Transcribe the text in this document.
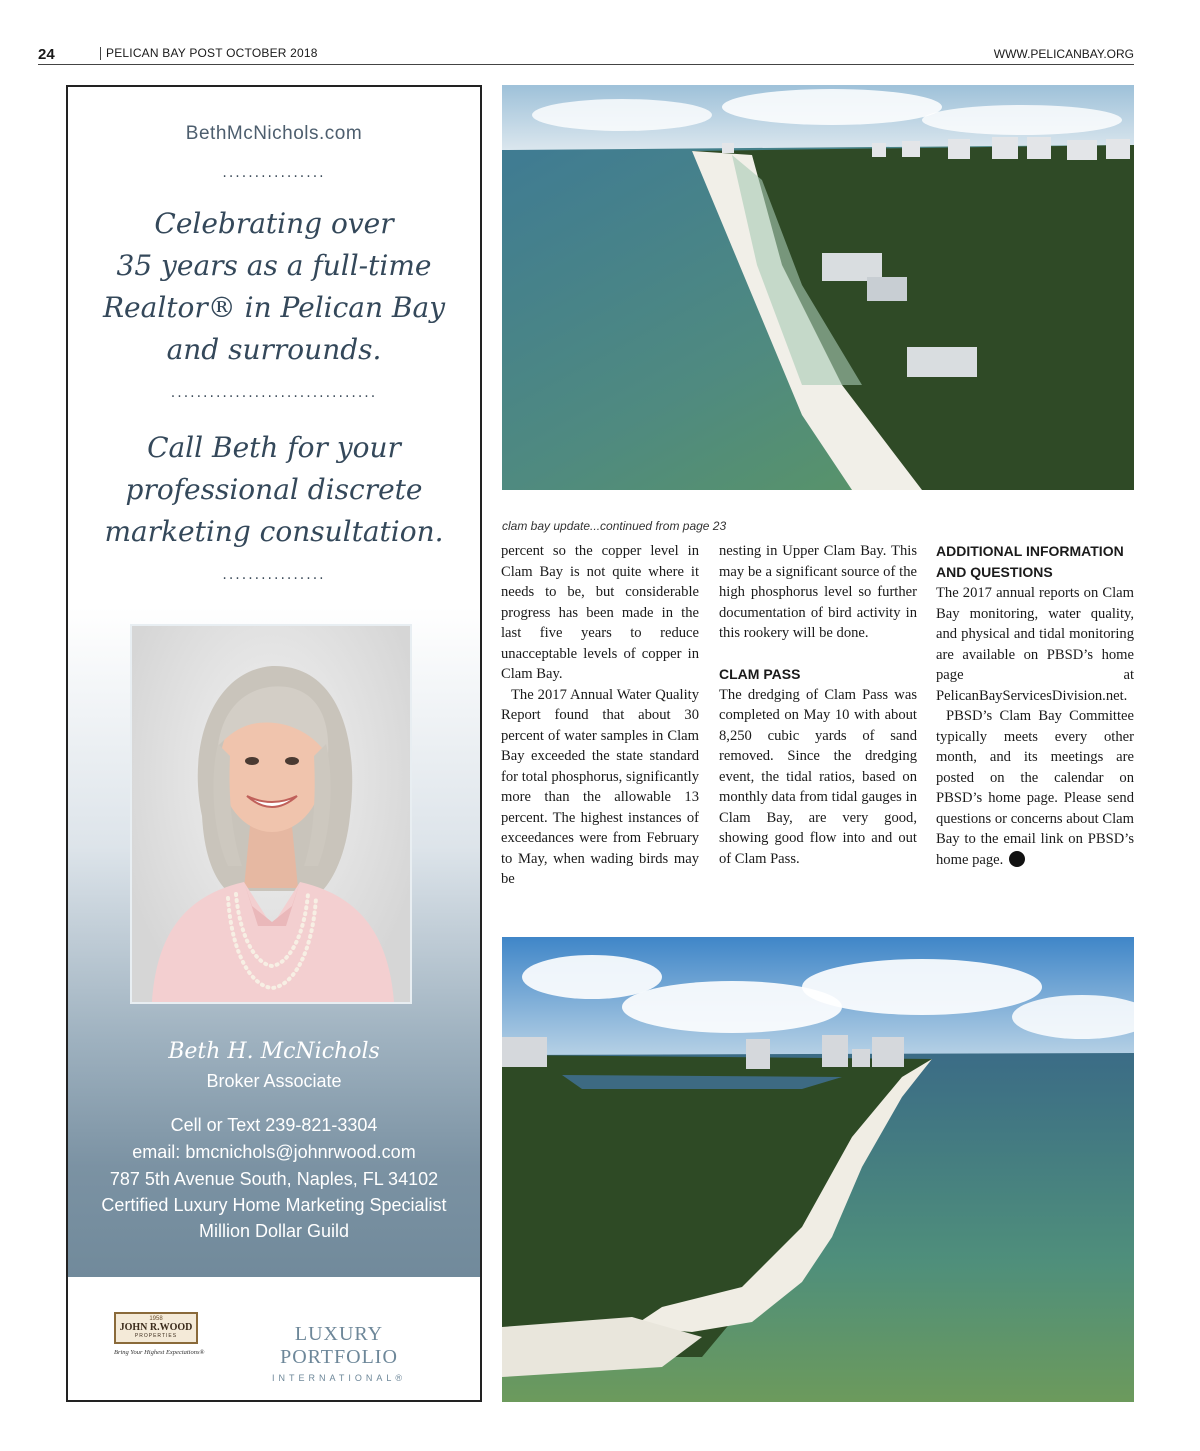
24	PELICAN BAY POST OCTOBER 2018	WWW.PELICANBAY.ORG
BethMcNichols.com
................
Celebrating over
35 years as a full-time
Realtor® in Pelican Bay
and surrounds.
................................
Call Beth for your
professional discrete
marketing consultation.
................
Beth H. McNichols
Broker Associate
Cell or Text 239-821-3304
email: bmcnichols@johnrwood.com
787 5th Avenue South, Naples, FL 34102
Certified Luxury Home Marketing Specialist
Million Dollar Guild
1958
JOHN R.WOOD
PROPERTIES
Bring Your Highest Expectations®
LUXURY PORTFOLIO
INTERNATIONAL®
clam bay update...continued from page 23

percent so the copper level in Clam Bay is not quite where it needs to be, but considerable progress has been made in the last five years to reduce unacceptable levels of copper in Clam Bay.

The 2017 Annual Water Quality Report found that about 30 percent of water samples in Clam Bay exceeded the state standard for total phosphorus, significantly more than the allowable 13 percent. The highest instances of exceedances were from February to May, when wading birds may be

nesting in Upper Clam Bay. This may be a significant source of the high phosphorus level so further documentation of bird activity in this rookery will be done.

CLAM PASS

The dredging of Clam Pass was completed on May 10 with about 8,250 cubic yards of sand removed. Since the dredging event, the tidal ratios, based on monthly data from tidal gauges in Clam Bay, are very good, showing good flow into and out of Clam Pass.

ADDITIONAL INFORMATION AND QUESTIONS

The 2017 annual reports on Clam Bay monitoring, water quality, and physical and tidal monitoring are available on PBSD’s home page at PelicanBayServicesDivision.net.

PBSD’s Clam Bay Committee typically meets every other month, and its meetings are posted on the calendar on PBSD’s home page. Please send questions or concerns about Clam Bay to the email link on PBSD’s home page.
